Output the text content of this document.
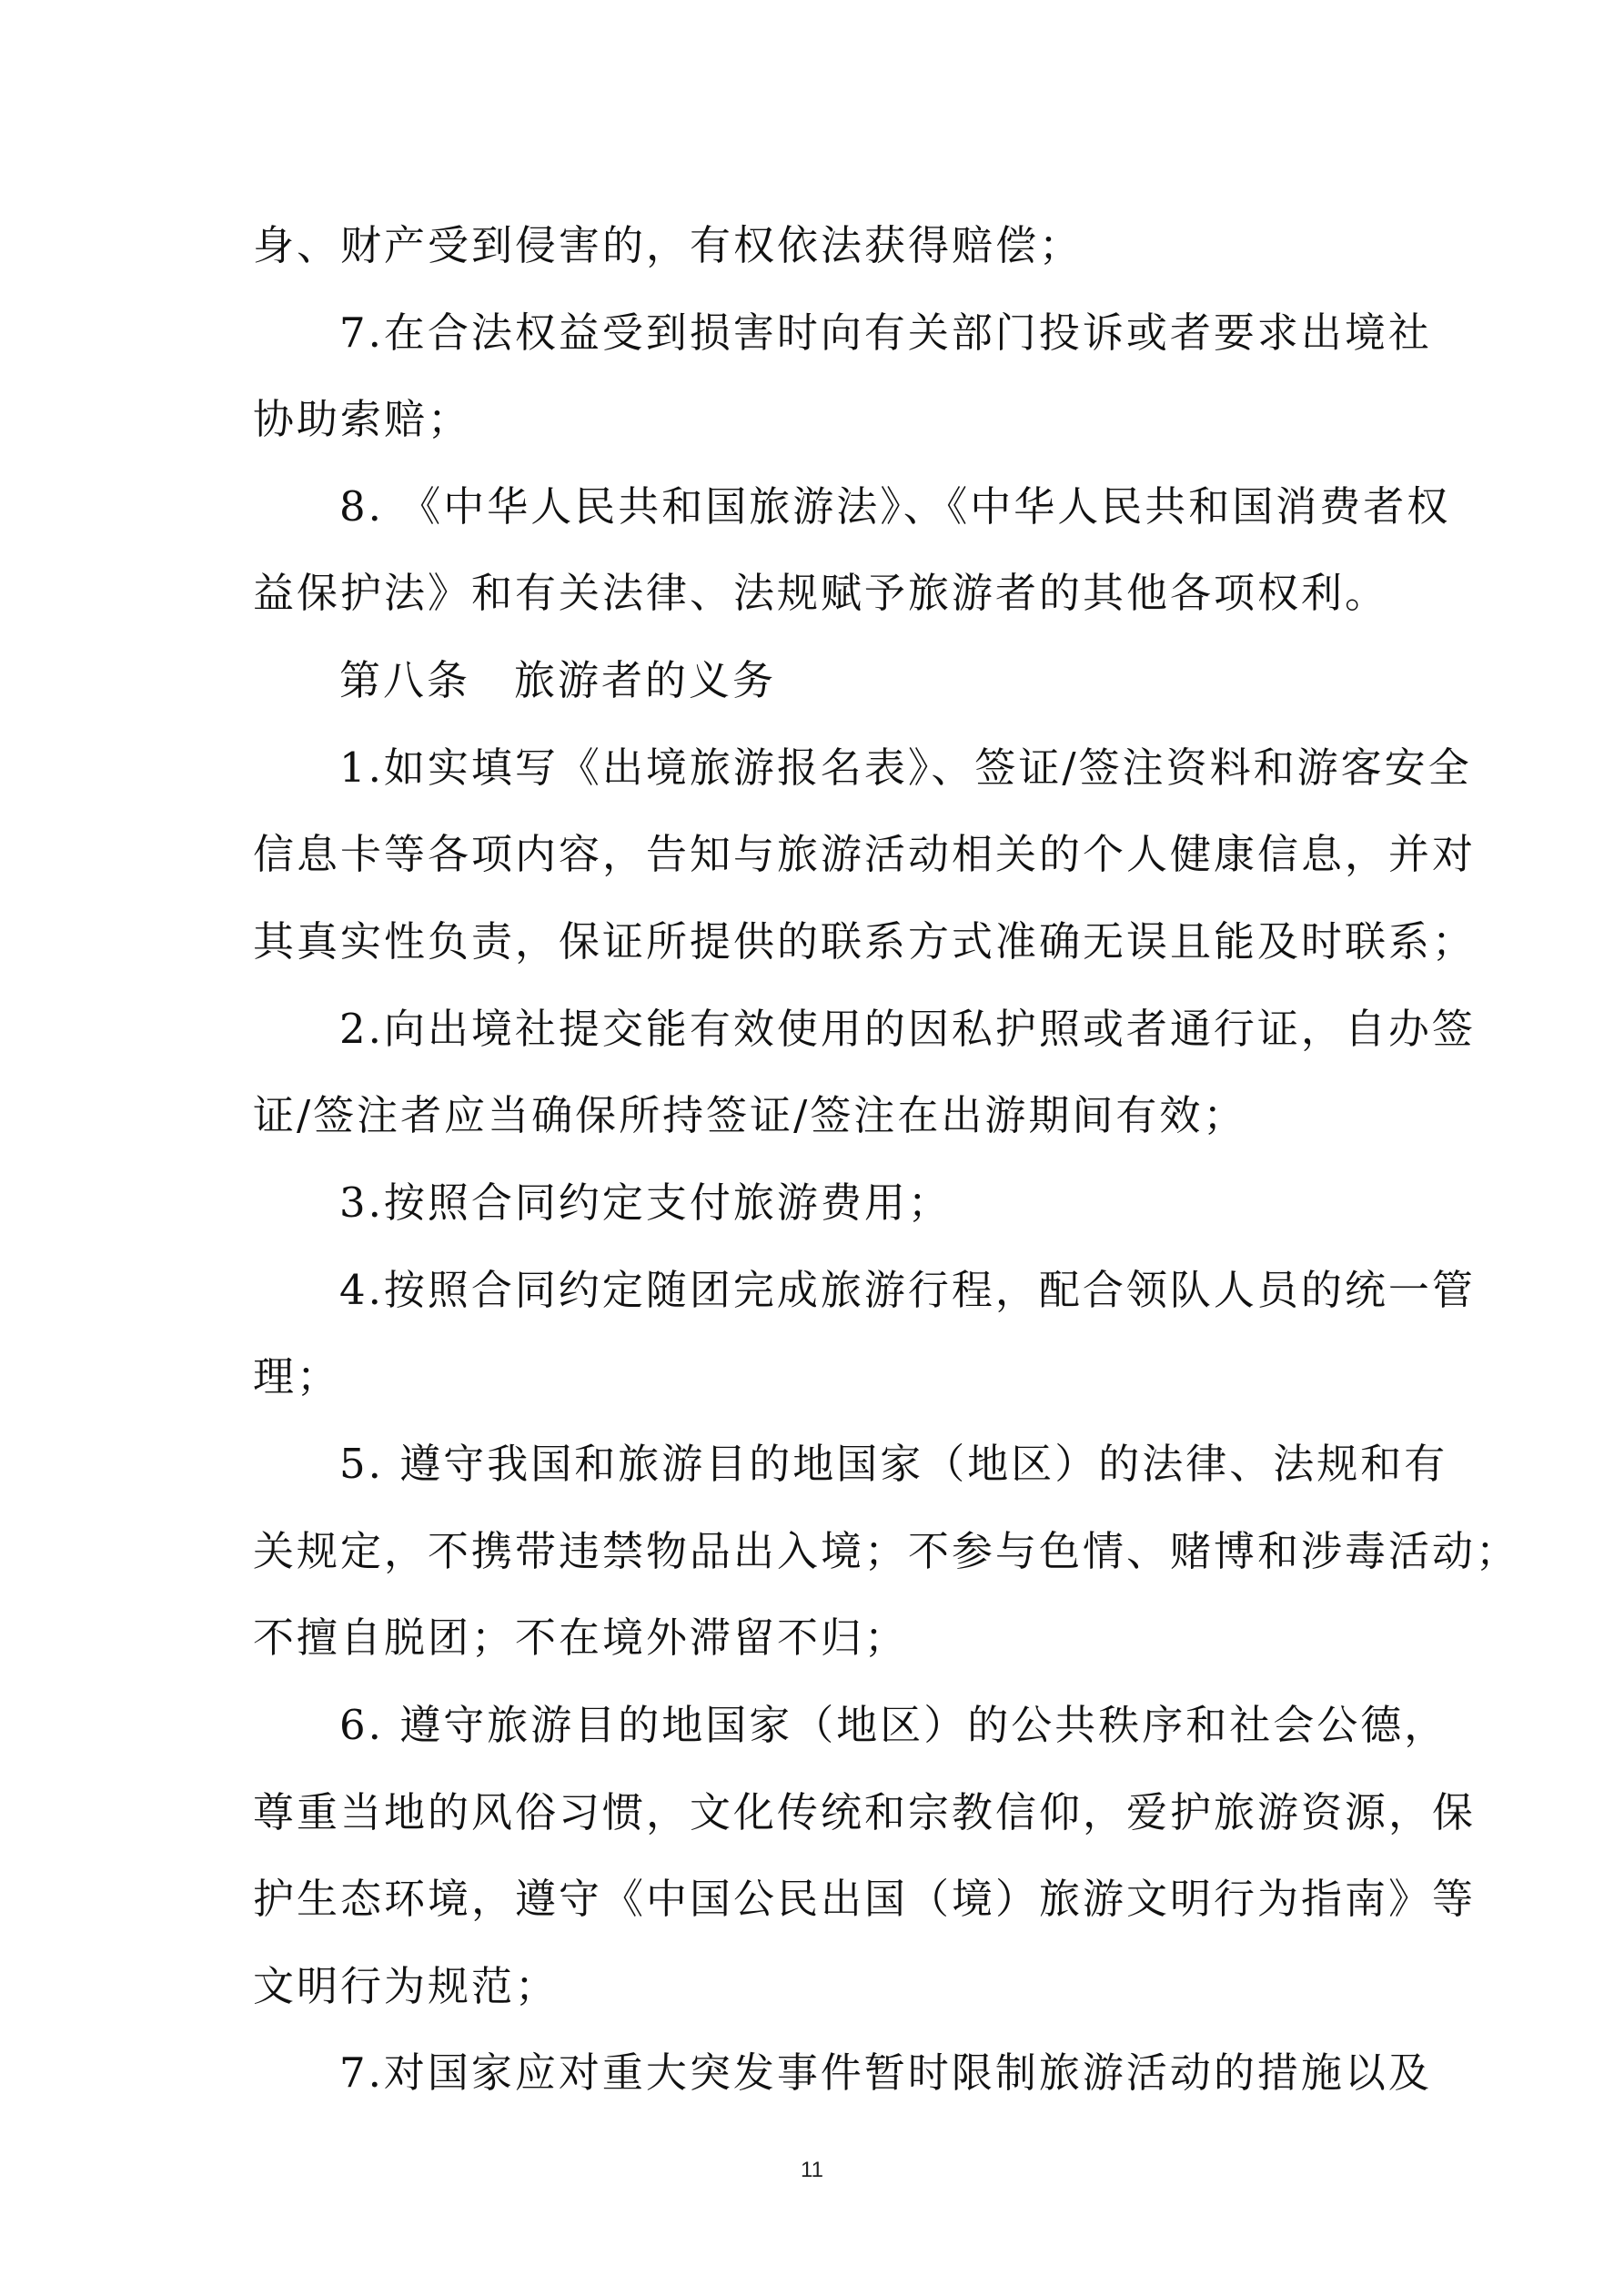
身、财产受到侵害的，有权依法获得赔偿；
7.在合法权益受到损害时向有关部门投诉或者要求出境社
协助索赔；
8. 《中华人民共和国旅游法》、《中华人民共和国消费者权
益保护法》和有关法律、法规赋予旅游者的其他各项权利。
第八条　旅游者的义务
1.如实填写《出境旅游报名表》、签证/签注资料和游客安全
信息卡等各项内容，告知与旅游活动相关的个人健康信息，并对
其真实性负责，保证所提供的联系方式准确无误且能及时联系；
2.向出境社提交能有效使用的因私护照或者通行证，自办签
证/签注者应当确保所持签证/签注在出游期间有效；
3.按照合同约定支付旅游费用；
4.按照合同约定随团完成旅游行程，配合领队人员的统一管
理；
5. 遵守我国和旅游目的地国家（地区）的法律、法规和有
关规定，不携带违禁物品出入境；不参与色情、赌博和涉毒活动；
不擅自脱团；不在境外滞留不归；
6. 遵守旅游目的地国家（地区）的公共秩序和社会公德，
尊重当地的风俗习惯，文化传统和宗教信仰，爱护旅游资源，保
护生态环境，遵守《中国公民出国（境）旅游文明行为指南》等
文明行为规范；
7.对国家应对重大突发事件暂时限制旅游活动的措施以及
11
